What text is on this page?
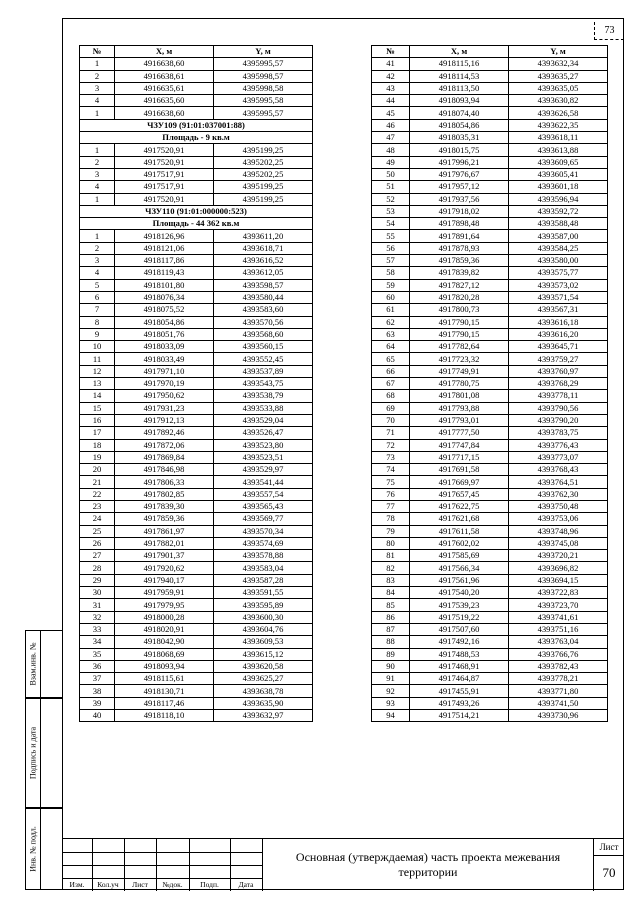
73
Взам.инв. №
Подпись и дата
Инв. № подл.
№	X, м	Y, м
1	4916638,60	4395995,57
2	4916638,61	4395998,57
3	4916635,61	4395998,58
4	4916635,60	4395995,58
1	4916638,60	4395995,57
ЧЗУ109 (91:01:037001:88)		
Площадь - 9 кв.м		
1	4917520,91	4395199,25
2	4917520,91	4395202,25
3	4917517,91	4395202,25
4	4917517,91	4395199,25
1	4917520,91	4395199,25
ЧЗУ110 (91:01:000000:523)		
Площадь - 44 362 кв.м		
1	4918126,96	4393611,20
2	4918121,06	4393618,71
3	4918117,86	4393616,52
4	4918119,43	4393612,05
5	4918101,80	4393598,57
6	4918076,34	4393580,44
7	4918075,52	4393583,60
8	4918054,86	4393570,56
9	4918051,76	4393568,60
10	4918033,09	4393560,15
11	4918033,49	4393552,45
12	4917971,10	4393537,89
13	4917970,19	4393543,75
14	4917950,62	4393538,79
15	4917931,23	4393533,88
16	4917912,13	4393529,04
17	4917892,46	4393526,47
18	4917872,06	4393523,80
19	4917869,84	4393523,51
20	4917846,98	4393529,97
21	4917806,33	4393541,44
22	4917802,85	4393557,54
23	4917839,30	4393565,43
24	4917859,36	4393569,77
25	4917861,97	4393570,34
26	4917882,01	4393574,69
27	4917901,37	4393578,88
28	4917920,62	4393583,04
29	4917940,17	4393587,28
30	4917959,91	4393591,55
31	4917979,95	4393595,89
32	4918000,28	4393600,30
33	4918020,91	4393604,76
34	4918042,90	4393609,53
35	4918068,69	4393615,12
36	4918093,94	4393620,58
37	4918115,61	4393625,27
38	4918130,71	4393638,78
39	4918117,46	4393635,90
40	4918118,10	4393632,97
№	X, м	Y, м
41	4918115,16	4393632,34
42	4918114,53	4393635,27
43	4918113,50	4393635,05
44	4918093,94	4393630,82
45	4918074,40	4393626,58
46	4918054,86	4393622,35
47	4918035,31	4393618,11
48	4918015,75	4393613,88
49	4917996,21	4393609,65
50	4917976,67	4393605,41
51	4917957,12	4393601,18
52	4917937,56	4393596,94
53	4917918,02	4393592,72
54	4917898,48	4393588,48
55	4917891,64	4393587,00
56	4917878,93	4393584,25
57	4917859,36	4393580,00
58	4917839,82	4393575,77
59	4917827,12	4393573,02
60	4917820,28	4393571,54
61	4917800,73	4393567,31
62	4917790,15	4393616,18
63	4917790,15	4393616,20
64	4917782,64	4393645,71
65	4917723,32	4393759,27
66	4917749,91	4393760,97
67	4917780,75	4393768,29
68	4917801,08	4393778,11
69	4917793,88	4393790,56
70	4917793,01	4393790,20
71	4917777,50	4393783,75
72	4917747,84	4393776,43
73	4917717,15	4393773,07
74	4917691,58	4393768,43
75	4917669,97	4393764,51
76	4917657,45	4393762,30
77	4917622,75	4393750,48
78	4917621,68	4393753,06
79	4917611,58	4393748,96
80	4917602,02	4393745,08
81	4917585,69	4393720,21
82	4917566,34	4393696,82
83	4917561,96	4393694,15
84	4917540,20	4393722,83
85	4917539,23	4393723,70
86	4917519,22	4393741,61
87	4917507,60	4393751,16
88	4917492,16	4393763,04
89	4917488,53	4393766,76
90	4917468,91	4393782,43
91	4917464,87	4393778,21
92	4917455,91	4393771,80
93	4917493,26	4393741,50
94	4917514,21	4393730,96
Изм.	Кол.уч	Лист	№док.	Подп.	Дата
Основная (утверждаемая) часть проекта межевания территории
Лист
70
